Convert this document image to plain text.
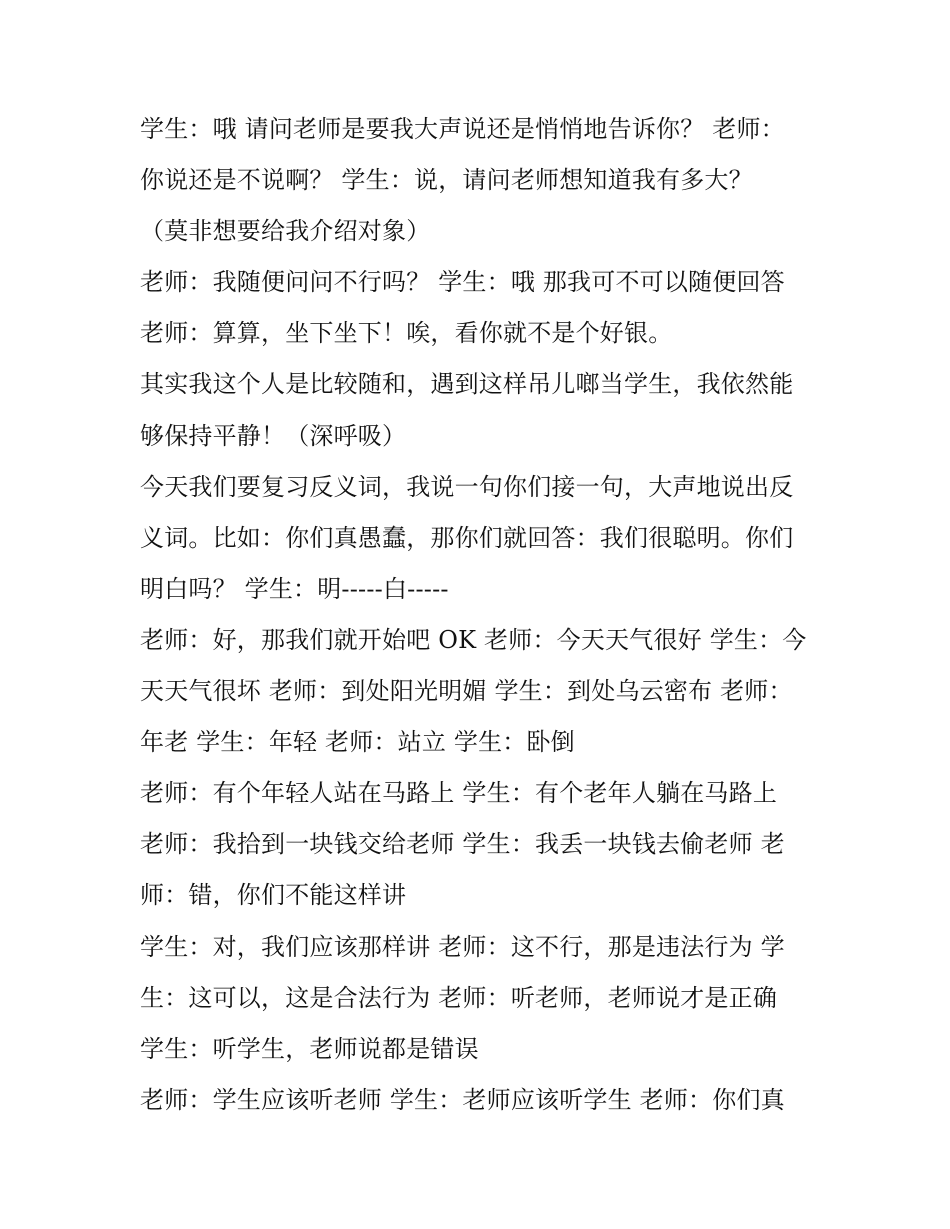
学生：哦 请问老师是要我大声说还是悄悄地告诉你？ 老师：
你说还是不说啊？ 学生：说，请问老师想知道我有多大？
（莫非想要给我介绍对象）
老师：我随便问问不行吗？ 学生：哦 那我可不可以随便回答
老师：算算，坐下坐下！唉，看你就不是个好银。
其实我这个人是比较随和，遇到这样吊儿啷当学生，我依然能
够保持平静！（深呼吸）
今天我们要复习反义词，我说一句你们接一句，大声地说出反
义词。比如：你们真愚蠢，那你们就回答：我们很聪明。你们
明白吗？ 学生：明-----白-----
老师：好，那我们就开始吧 OK 老师：今天天气很好 学生：今
天天气很坏 老师：到处阳光明媚 学生：到处乌云密布 老师：
年老 学生：年轻 老师：站立 学生：卧倒
老师：有个年轻人站在马路上 学生：有个老年人躺在马路上
老师：我拾到一块钱交给老师 学生：我丢一块钱去偷老师 老
师：错，你们不能这样讲
学生：对，我们应该那样讲 老师：这不行，那是违法行为 学
生：这可以，这是合法行为 老师：听老师，老师说才是正确
学生：听学生，老师说都是错误
老师：学生应该听老师 学生：老师应该听学生 老师：你们真
